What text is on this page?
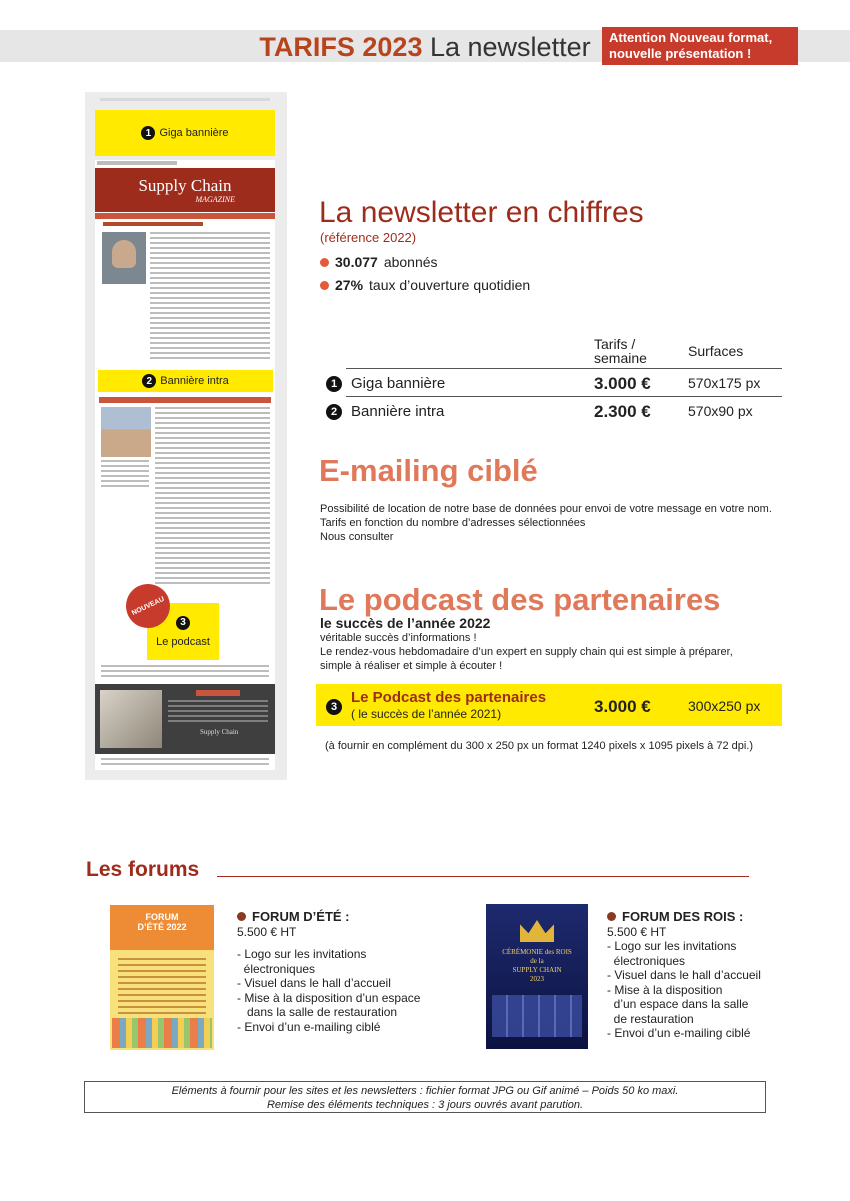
TARIFS 2023 La newsletter	Attention Nouveau format,
nouvelle présentation !
1 Giga bannière
Supply Chain
MAGAZINE
2 Bannière intra
3
Le podcast
NOUVEAU
Supply Chain
La newsletter en chiffres
(référence 2022)
30.077 abonnés
27% taux d’ouverture quotidien
Tarifs /
semaine	Surfaces
1 Giga bannière	3.000 €	570x175 px
2 Bannière intra	2.300 €	570x90 px
E-mailing ciblé
Possibilité de location de notre base de données pour envoi de votre message en votre nom.
Tarifs en fonction du nombre d’adresses sélectionnées
Nous consulter
Le podcast des partenaires
le succès de l’année 2022
véritable succès d’informations !
Le rendez-vous hebdomadaire d’un expert en supply chain qui est simple à préparer,
simple à réaliser et simple à écouter !
3
Le Podcast des partenaires
( le succès de l’année 2021)	3.000 €	300x250 px
(à fournir en complément du 300 x 250 px un format 1240 pixels x 1095 pixels à 72 dpi.)
Les forums
FORUM
D’ÉTÉ 2022
FORUM D’ÉTÉ :
5.500 € HT
- Logo sur les invitations
électroniques
- Visuel dans le hall d’accueil
- Mise à la disposition d’un espace
dans la salle de restauration
- Envoi d’un e-mailing ciblé
CÉRÉMONIE des ROIS
de la
SUPPLY CHAIN
2023
FORUM DES ROIS :
5.500 € HT
- Logo sur les invitations
électroniques
- Visuel dans le hall d’accueil
- Mise à la disposition
d’un espace dans la salle
de restauration
- Envoi d’un e-mailing ciblé
Eléments à fournir pour les sites et les newsletters : fichier format JPG ou Gif animé – Poids 50 ko maxi.
Remise des éléments techniques : 3 jours ouvrés avant parution.
